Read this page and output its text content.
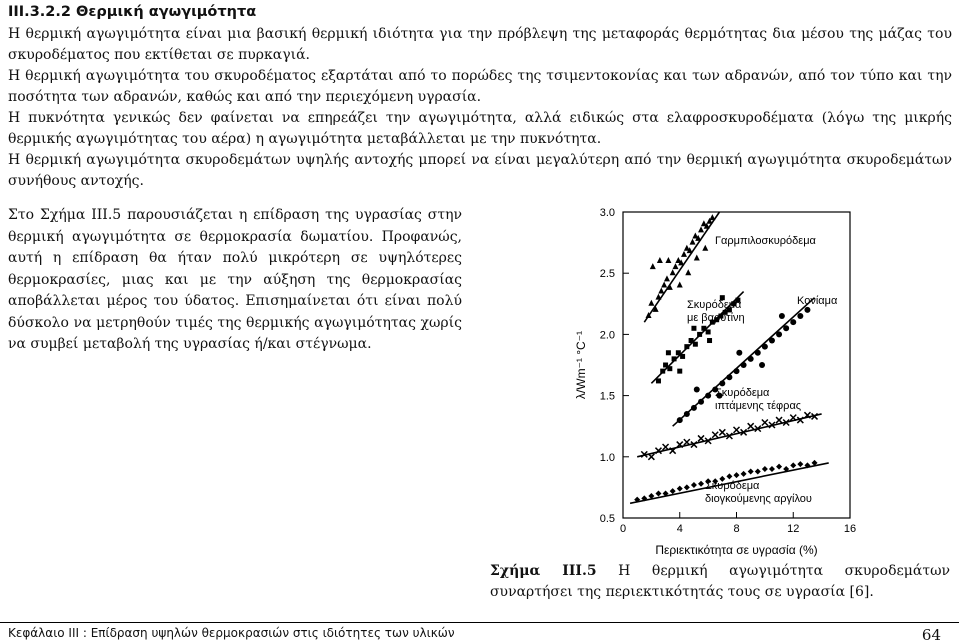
III.3.2.2 Θερμική αγωγιμότητα
Η θερμική αγωγιμότητα είναι μια βασική θερμική ιδιότητα για την πρόβλεψη της μεταφοράς θερμότητας δια μέσου της μάζας του σκυροδέματος που εκτίθεται σε πυρκαγιά.
Η θερμική αγωγιμότητα του σκυροδέματος εξαρτάται από το πορώδες της τσιμεντοκονίας και των αδρανών, από τον τύπο και την ποσότητα των αδρανών, καθώς και από την περιεχόμενη υγρασία.
Η πυκνότητα γενικώς δεν φαίνεται να επηρεάζει την αγωγιμότητα, αλλά ειδικώς στα ελαφροσκυροδέματα (λόγω της μικρής θερμικής αγωγιμότητας του αέρα) η αγωγιμότητα μεταβάλλεται με την πυκνότητα.
Η θερμική αγωγιμότητα σκυροδεμάτων υψηλής αντοχής μπορεί να είναι μεγαλύτερη από την θερμική αγωγιμότητα σκυροδεμάτων συνήθους αντοχής.
Στο Σχήμα ΙΙΙ.5 παρουσιάζεται η επίδραση της υγρασίας στην θερμική αγωγιμότητα σε θερμοκρασία δωματίου. Προφανώς, αυτή η επίδραση θα ήταν πολύ μικρότερη σε υψηλότερες θερμοκρασίες, μιας και με την αύξηση της θερμοκρασίας αποβάλλεται μέρος του ύδατος. Επισημαίνεται ότι είναι πολύ δύσκολο να μετρηθούν τιμές της θερμικής αγωγιμότητας χωρίς να συμβεί μεταβολή της υγρασίας ή/και στέγνωμα.
0.5
1.0
1.5
2.0
2.5
3.0
0	4	8	12	16
Περιεκτικότητα σε υγρασία (%)
λ/Wm⁻¹ °C⁻¹
Γαρμπιλοσκυρόδεμα
Σκυρόδεμα με βαρυτίνη
Κονίαμα
Σκυρόδεμα ιπτάμενης τέφρας
Σκυρόδεμα διογκούμενης αργίλου
Σχήμα ΙΙΙ.5 Η θερμική αγωγιμότητα σκυροδεμάτων συναρτήσει της περιεκτικότητάς τους σε υγρασία [6].
Κεφάλαιο ΙΙΙ : Επίδραση υψηλών θερμοκρασιών στις ιδιότητες των υλικών	64
